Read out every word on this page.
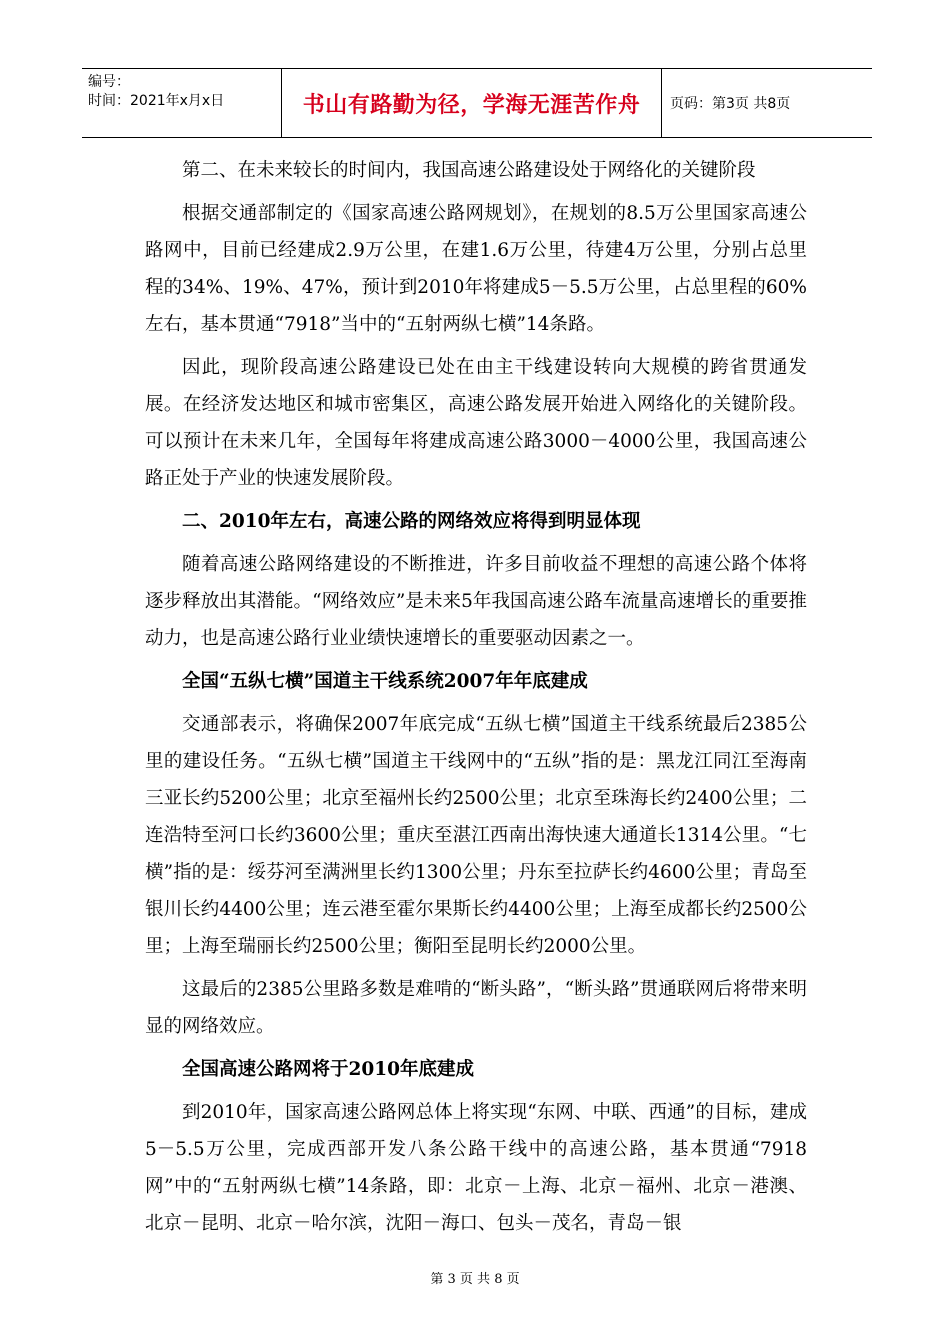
编号：
时间：2021年x月x日	书山有路勤为径，学海无涯苦作舟	页码：第3页 共8页

第二、在未来较长的时间内，我国高速公路建设处于网络化的关键阶段

根据交通部制定的《国家高速公路网规划》，在规划的8.5万公里国家高速公路网中，目前已经建成2.9万公里，在建1.6万公里，待建4万公里，分别占总里程的34%、19%、47%，预计到2010年将建成5－5.5万公里，占总里程的60%左右，基本贯通“7918”当中的“五射两纵七横”14条路。

因此，现阶段高速公路建设已处在由主干线建设转向大规模的跨省贯通发展。在经济发达地区和城市密集区，高速公路发展开始进入网络化的关键阶段。可以预计在未来几年，全国每年将建成高速公路3000－4000公里，我国高速公路正处于产业的快速发展阶段。

二、2010年左右，高速公路的网络效应将得到明显体现

随着高速公路网络建设的不断推进，许多目前收益不理想的高速公路个体将逐步释放出其潜能。“网络效应”是未来5年我国高速公路车流量高速增长的重要推动力，也是高速公路行业业绩快速增长的重要驱动因素之一。

全国“五纵七横”国道主干线系统2007年年底建成

交通部表示，将确保2007年底完成“五纵七横”国道主干线系统最后2385公里的建设任务。“五纵七横”国道主干线网中的“五纵”指的是：黑龙江同江至海南三亚长约5200公里；北京至福州长约2500公里；北京至珠海长约2400公里；二连浩特至河口长约3600公里；重庆至湛江西南出海快速大通道长1314公里。“七横”指的是：绥芬河至满洲里长约1300公里；丹东至拉萨长约4600公里；青岛至银川长约4400公里；连云港至霍尔果斯长约4400公里；上海至成都长约2500公里；上海至瑞丽长约2500公里；衡阳至昆明长约2000公里。

这最后的2385公里路多数是难啃的“断头路”，“断头路”贯通联网后将带来明显的网络效应。

全国高速公路网将于2010年底建成

到2010年，国家高速公路网总体上将实现“东网、中联、西通”的目标，建成5－5.5万公里，完成西部开发八条公路干线中的高速公路，基本贯通“7918网”中的“五射两纵七横”14条路，即：北京－上海、北京－福州、北京－港澳、北京－昆明、北京－哈尔滨，沈阳－海口、包头－茂名，青岛－银

第 3 页 共 8 页
